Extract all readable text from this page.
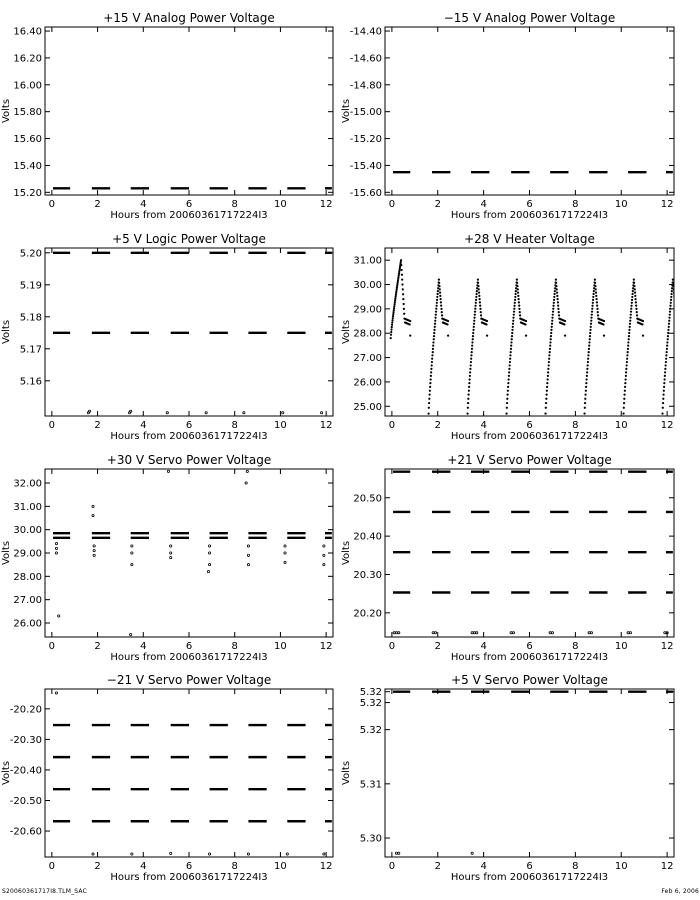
+15 V Analog Power Voltage
0	2	4	6	8	10	12
15.20
15.40
15.60
15.80
16.00
16.20
16.40
Hours from 20060361717224I3
Volts
−15 V Analog Power Voltage
0	2	4	6	8	10	12
-15.60
-15.40
-15.20
-15.00
-14.80
-14.60
-14.40
Hours from 20060361717224I3
Volts
+5 V Logic Power Voltage
0	2	4	6	8	10	12
5.16
5.17
5.18
5.19
5.20
Hours from 20060361717224I3
Volts
+28 V Heater Voltage
0	2	4	6	8	10	12
25.00
26.00
27.00
28.00
29.00
30.00
31.00
Hours from 20060361717224I3
Volts
+30 V Servo Power Voltage
0	2	4	6	8	10	12
26.00
27.00
28.00
29.00
30.00
31.00
32.00
Hours from 20060361717224I3
Volts
+21 V Servo Power Voltage
0	2	4	6	8	10	12
20.20
20.30
20.40
20.50
Hours from 20060361717224I3
Volts
−21 V Servo Power Voltage
0	2	4	6	8	10	12
-20.60
-20.50
-20.40
-20.30
-20.20
Hours from 20060361717224I3
Volts
+5 V Servo Power Voltage
0	2	4	6	8	10	12
5.30
5.31
5.32
5.32
5.32
Hours from 20060361717224I3
Volts
S20060361717I8.TLM_SAC	Feb 6, 2006
